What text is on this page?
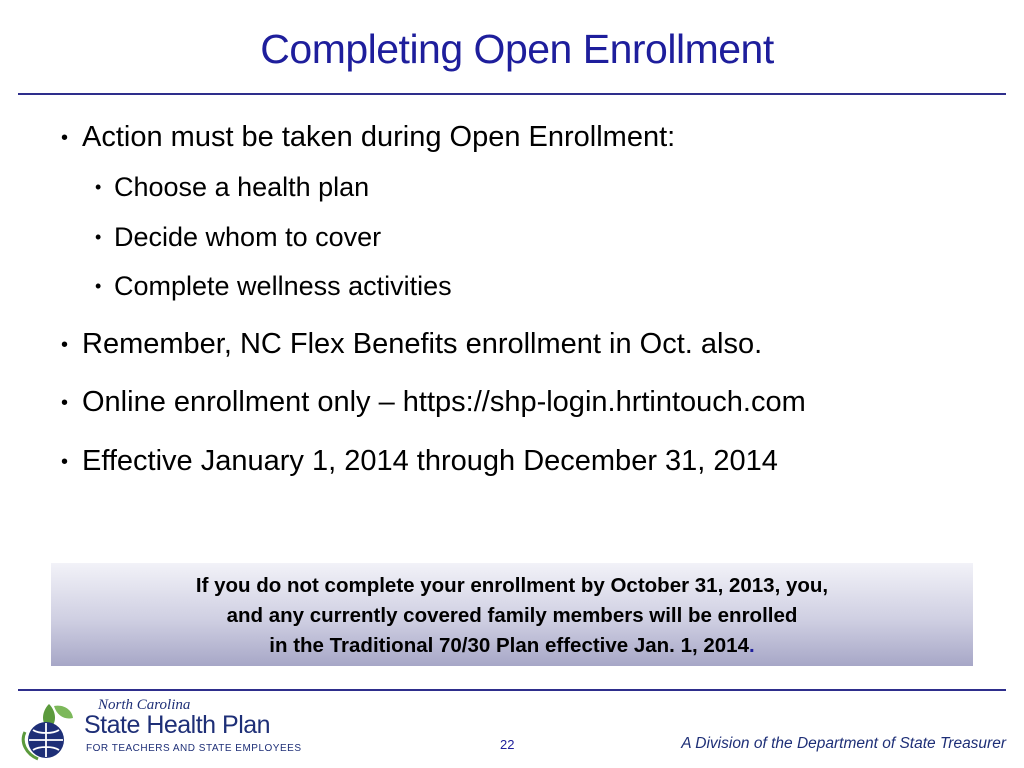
Completing Open Enrollment
• Action must be taken during Open Enrollment:
• Choose a health plan
• Decide whom to cover
• Complete wellness activities
• Remember, NC Flex Benefits enrollment in Oct. also.
• Online enrollment only – https://shp-login.hrtintouch.com
• Effective January 1, 2014 through December 31, 2014
If you do not complete your enrollment by October 31, 2013, you,
and any currently covered family members will be enrolled
in the Traditional 70/30 Plan effective Jan. 1, 2014.
North Carolina
State Health Plan
FOR TEACHERS AND STATE EMPLOYEES	22	A Division of the Department of State Treasurer
